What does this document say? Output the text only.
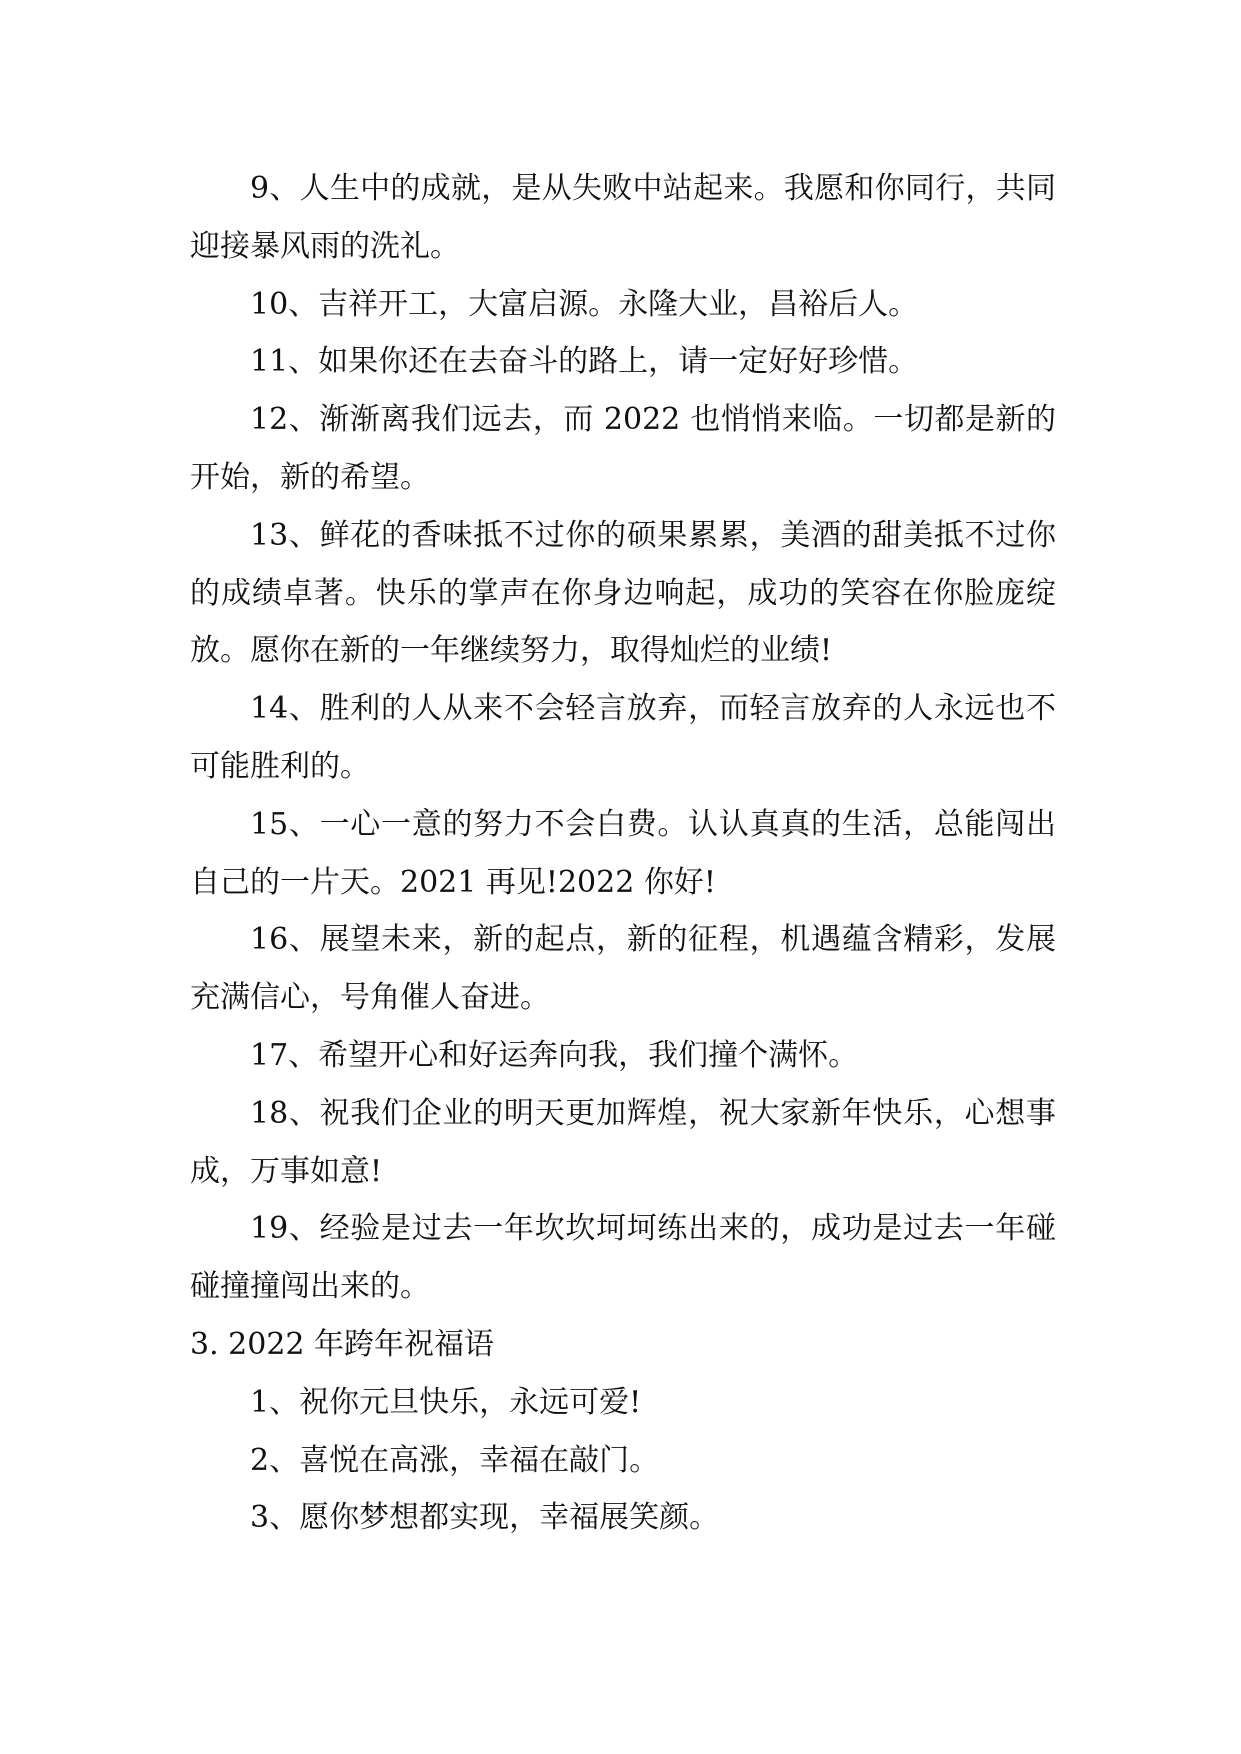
9、人生中的成就，是从失败中站起来。我愿和你同行，共同迎接暴风雨的洗礼。

10、吉祥开工，大富启源。永隆大业，昌裕后人。

11、如果你还在去奋斗的路上，请一定好好珍惜。

12、渐渐离我们远去，而 2022 也悄悄来临。一切都是新的开始，新的希望。

13、鲜花的香味抵不过你的硕果累累，美酒的甜美抵不过你的成绩卓著。快乐的掌声在你身边响起，成功的笑容在你脸庞绽放。愿你在新的一年继续努力，取得灿烂的业绩!

14、胜利的人从来不会轻言放弃，而轻言放弃的人永远也不可能胜利的。

15、一心一意的努力不会白费。认认真真的生活，总能闯出自己的一片天。2021 再见!2022 你好!

16、展望未来，新的起点，新的征程，机遇蕴含精彩，发展充满信心，号角催人奋进。

17、希望开心和好运奔向我，我们撞个满怀。

18、祝我们企业的明天更加辉煌，祝大家新年快乐，心想事成，万事如意!

19、经验是过去一年坎坎坷坷练出来的，成功是过去一年碰碰撞撞闯出来的。

3. 2022 年跨年祝福语

1、祝你元旦快乐，永远可爱!

2、喜悦在高涨，幸福在敲门。

3、愿你梦想都实现，幸福展笑颜。
